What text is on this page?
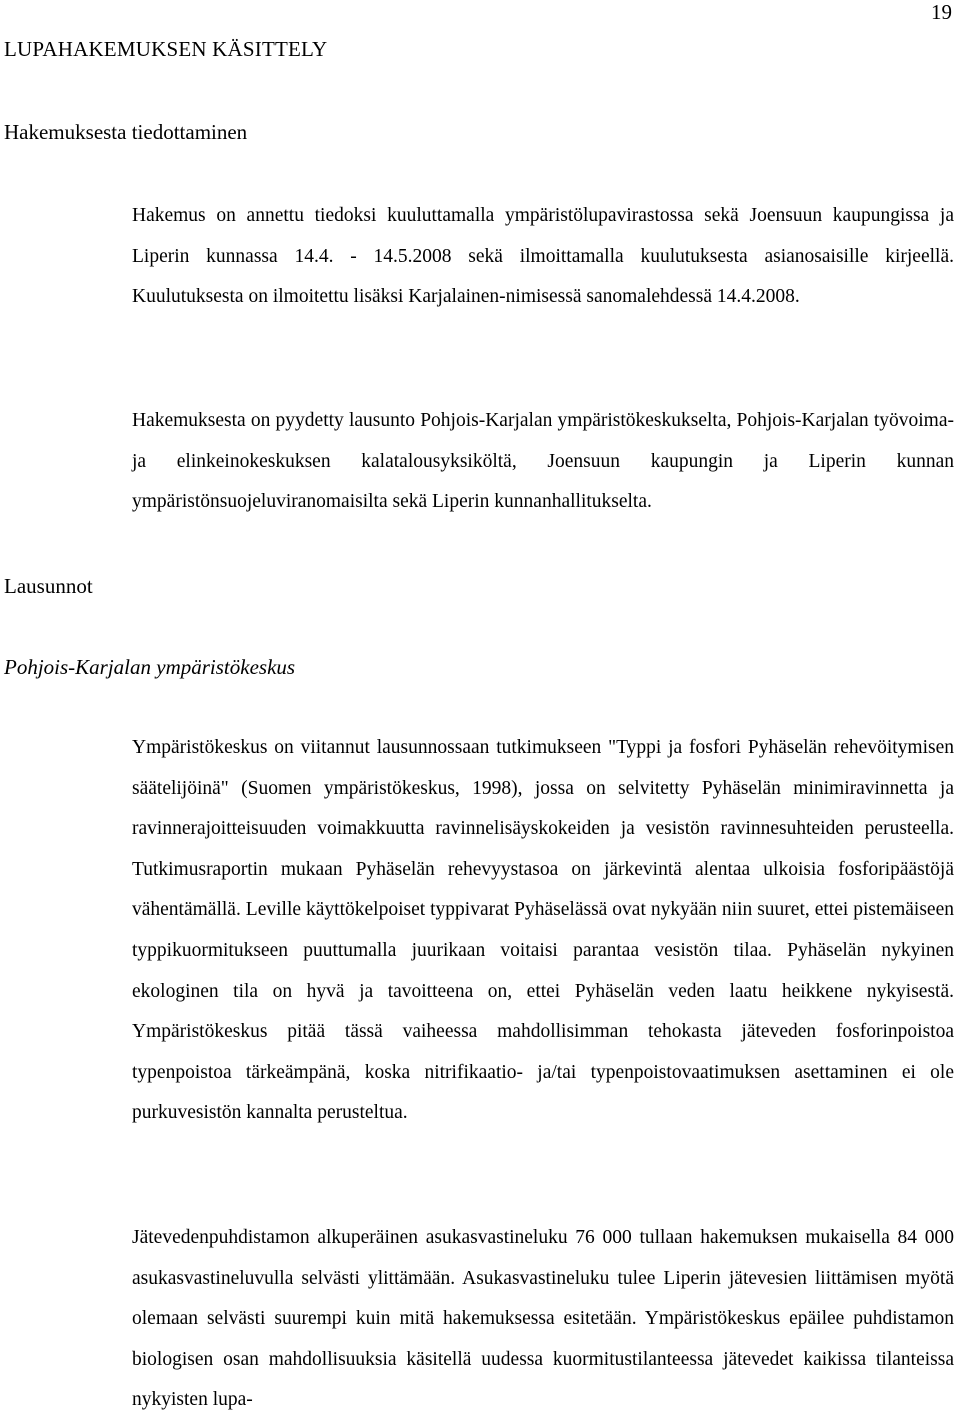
19
LUPAHAKEMUKSEN KÄSITTELY
Hakemuksesta tiedottaminen

Hakemus on annettu tiedoksi kuuluttamalla ympäristölupavirastossa sekä Joensuun kaupungissa ja Liperin kunnassa 14.4. - 14.5.2008 sekä ilmoittamalla kuulutuksesta asianosaisille kirjeellä. Kuulutuksesta on ilmoitettu lisäksi Karjalainen-nimisessä sanomalehdessä 14.4.2008.

Hakemuksesta on pyydetty lausunto Pohjois-Karjalan ympäristökeskukselta, Pohjois-Karjalan työvoima- ja elinkeinokeskuksen kalatalousyksiköltä, Joensuun kaupungin ja Liperin kunnan ympäristönsuojeluviranomaisilta sekä Liperin kunnanhallitukselta.

Lausunnot
Pohjois-Karjalan ympäristökeskus

Ympäristökeskus on viitannut lausunnossaan tutkimukseen "Typpi ja fosfori Pyhäselän rehevöitymisen säätelijöinä" (Suomen ympäristökeskus, 1998), jossa on selvitetty Pyhäselän minimiravinnetta ja ravinnerajoitteisuuden voimakkuutta ravinnelisäyskokeiden ja vesistön ravinnesuhteiden perusteella. Tutkimusraportin mukaan Pyhäselän rehevyystasoa on järkevintä alentaa ulkoisia fosforipäästöjä vähentämällä. Leville käyttökelpoiset typpivarat Pyhäselässä ovat nykyään niin suuret, ettei pistemäiseen typpikuormitukseen puuttumalla juurikaan voitaisi parantaa vesistön tilaa. Pyhäselän nykyinen ekologinen tila on hyvä ja tavoitteena on, ettei Pyhäselän veden laatu heikkene nykyisestä. Ympäristökeskus pitää tässä vaiheessa mahdollisimman tehokasta jäteveden fosforinpoistoa typenpoistoa tärkeämpänä, koska nitrifikaatio- ja/tai typenpoistovaatimuksen asettaminen ei ole purkuvesistön kannalta perusteltua.

Jätevedenpuhdistamon alkuperäinen asukasvastineluku 76 000 tullaan hakemuksen mukaisella 84 000 asukasvastineluvulla selvästi ylittämään. Asukasvastineluku tulee Liperin jätevesien liittämisen myötä olemaan selvästi suurempi kuin mitä hakemuksessa esitetään. Ympäristökeskus epäilee puhdistamon biologisen osan mahdollisuuksia käsitellä uudessa kuormitustilanteessa jätevedet kaikissa tilanteissa nykyisten lupa-
